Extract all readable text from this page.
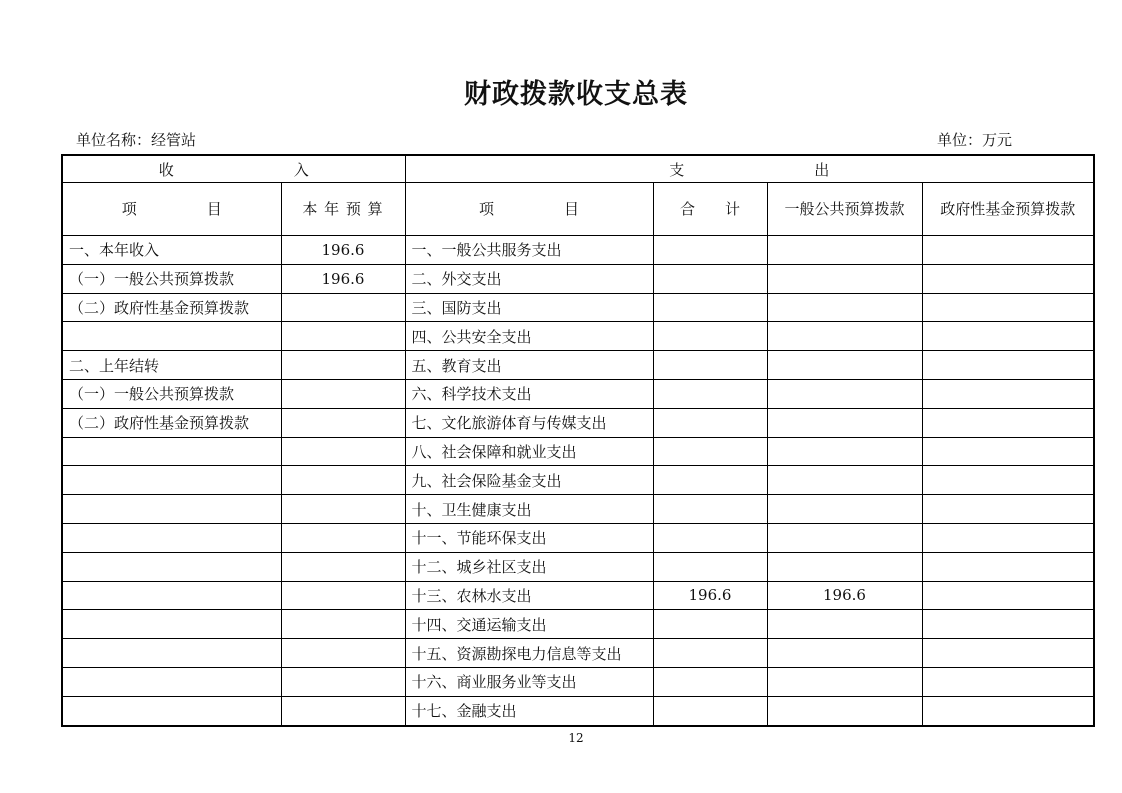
财政拨款收支总表
单位名称：经管站	单位：万元
收 入		支 出			
项 目	本 年 预 算	项 目	合 计	一般公共预算拨款	政府性基金预算拨款
一、本年收入	196.6	一、一般公共服务支出			
（一）一般公共预算拨款	196.6	二、外交支出			
（二）政府性基金预算拨款		三、国防支出			
		四、公共安全支出			
二、上年结转		五、教育支出			
（一）一般公共预算拨款		六、科学技术支出			
（二）政府性基金预算拨款		七、文化旅游体育与传媒支出			
		八、社会保障和就业支出			
		九、社会保险基金支出			
		十、卫生健康支出			
		十一、节能环保支出			
		十二、城乡社区支出			
		十三、农林水支出	196.6	196.6	
		十四、交通运输支出			
		十五、资源勘探电力信息等支出			
		十六、商业服务业等支出			
		十七、金融支出			
12
